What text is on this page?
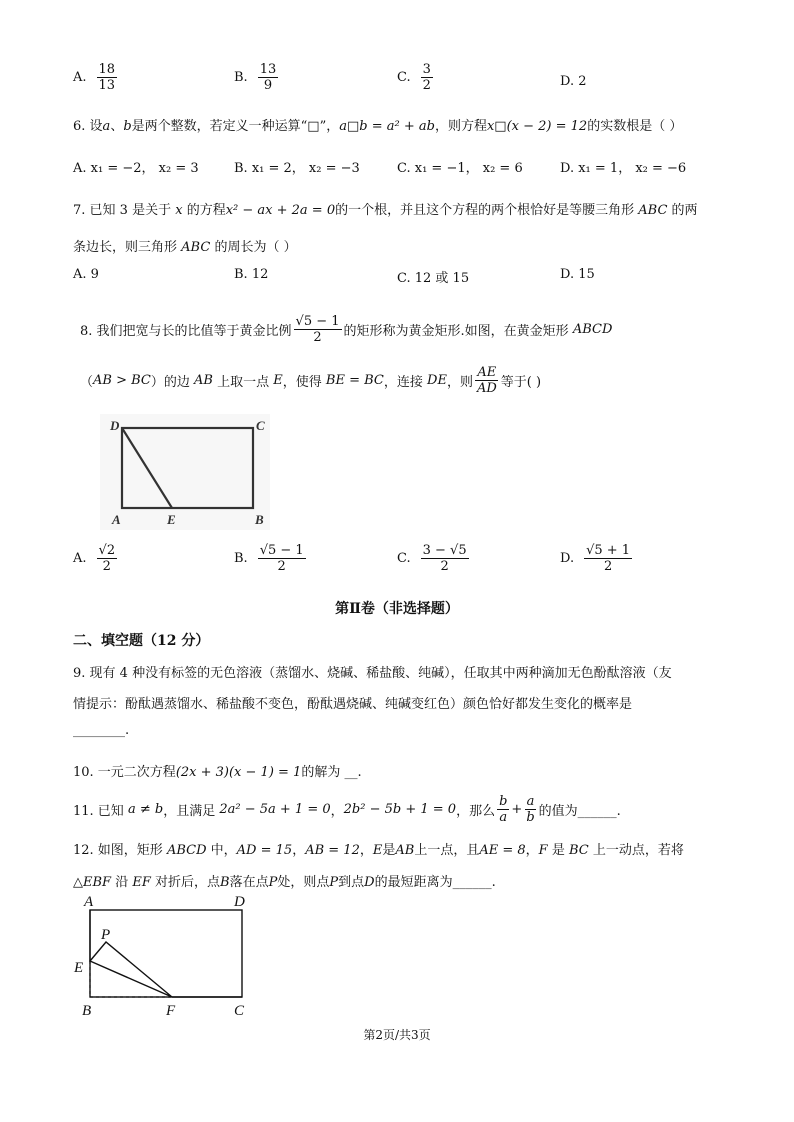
A. $\frac{18}{13}$	B. $\frac{13}{9}$	C. $\frac{3}{2}$	D. 2
6. 设a、b是两个整数，若定义一种运算“□”，a□b = a² + ab，则方程x□(x − 2) = 12的实数根是（ ）
A. x₁ = −2， x₂ = 3	B. x₁ = 2， x₂ = −3	C. x₁ = −1， x₂ = 6	D. x₁ = 1， x₂ = −6
7. 已知 3 是关于 x 的方程x² − ax + 2a = 0的一个根，并且这个方程的两个根恰好是等腰三角形 ABC 的两
条边长，则三角形 ABC 的周长为（ ）
A. 9	B. 12	C. 12 或 15	D. 15
8. 我们把宽与长的比值等于黄金比例 $\frac{√5 - 1}{2}$ 的矩形称为黄金矩形.如图，在黄金矩形
ABCD
（ AB > BC ）的边
AB
上取一点
E ，使得
BE = BC ，连接
DE ，则 $\frac{AE}{AD}$ 等于( )
D	C
A	E	B
A. $\frac{√2}{2}$	B. $\frac{√5 - 1}{2}$	C. $\frac{3 - √5}{2}$	D. $\frac{√5 + 1}{2}$
第Ⅱ卷（非选择题）
二、填空题（12 分）
9. 现有 4 种没有标签的无色溶液（蒸馏水、烧碱、稀盐酸、纯碱），任取其中两种滴加无色酚酞溶液（友
情提示：酚酞遇蒸馏水、稀盐酸不变色，酚酞遇烧碱、纯碱变红色）颜色恰好都发生变化的概率是
________.
10. 一元二次方程(2x + 3)(x − 1) = 1的解为 __.
11. 已知
a ≠ b ，且满足
2a² − 5a + 1 = 0 ， 2b² − 5b + 1 = 0 ，那么 $\frac{b}{a} + \frac{a}{b}$ 的值为______.
12. 如图，矩形 ABCD 中，AD = 15，AB = 12，E是AB上一点，且AE = 8，F 是 BC 上一动点，若将
△EBF 沿 EF 对折后，点B落在点P处，则点P到点D的最短距离为______.
A	D
P
E
B	F	C
第2页/共3页
